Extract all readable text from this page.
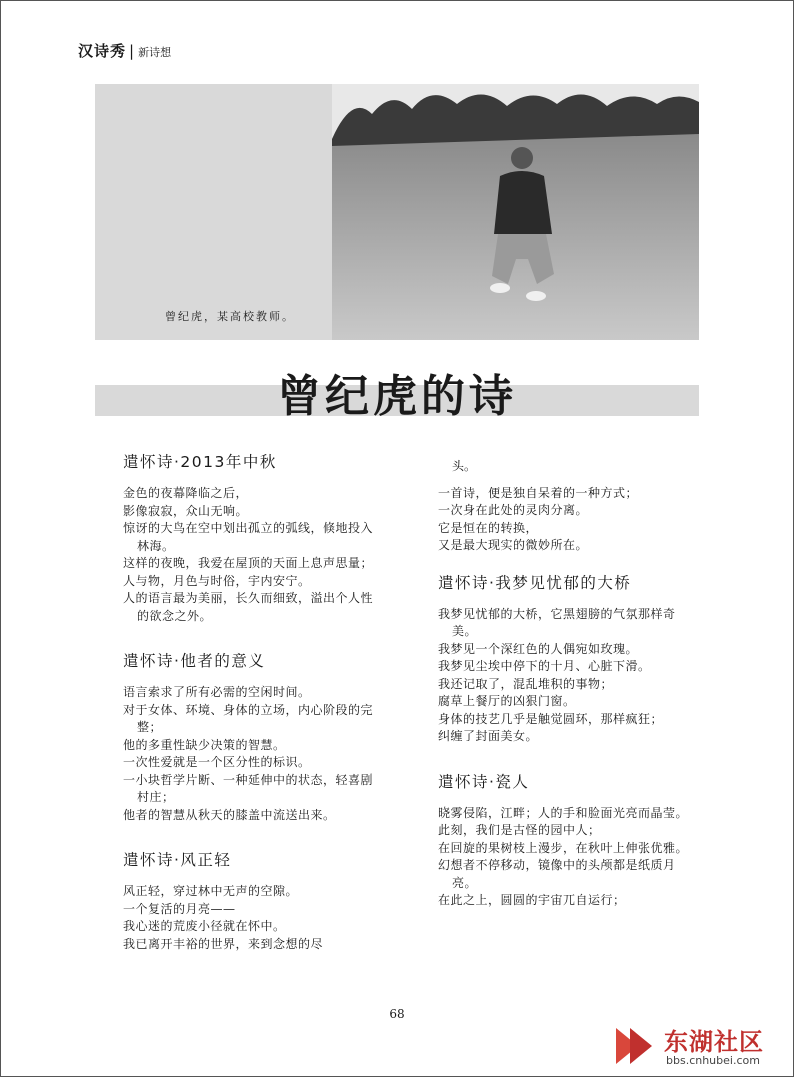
汉诗秀 | 新诗想
曾纪虎，某高校教师。
曾纪虎的诗
遣怀诗·2013年中秋
金色的夜幕降临之后，
影像寂寂，众山无响。
惊讶的大鸟在空中划出孤立的弧线，倏地投入林海。
这样的夜晚，我爱在屋顶的天面上息声思量；
人与物，月色与时俗，宇内安宁。
人的语言最为美丽，长久而细致，溢出个人性的欲念之外。
遣怀诗·他者的意义
语言索求了所有必需的空闲时间。
对于女体、环境、身体的立场，内心阶段的完整；
他的多重性缺少决策的智慧。
一次性爱就是一个区分性的标识。
一小块哲学片断、一种延伸中的状态，轻喜剧村庄；
他者的智慧从秋天的膝盖中流送出来。
遣怀诗·风正轻
风正轻，穿过林中无声的空隙。
一个复活的月亮——
我心迷的荒废小径就在怀中。
我已离开丰裕的世界，来到念想的尽
头。
一首诗，便是独自呆着的一种方式；
一次身在此处的灵肉分离。
它是恒在的转换，
又是最大现实的微妙所在。
遣怀诗·我梦见忧郁的大桥
我梦见忧郁的大桥，它黑翅膀的气氛那样奇美。
我梦见一个深红色的人偶宛如玫瑰。
我梦见尘埃中停下的十月、心脏下滑。
我还记取了，混乱堆积的事物；
腐草上餐厅的凶狠门窗。
身体的技艺几乎是触觉圆环，那样疯狂；
纠缠了封面美女。
遣怀诗·瓷人
晓雾侵陷，江畔；人的手和脸面光亮而晶莹。
此刻，我们是古怪的园中人；
在回旋的果树枝上漫步，在秋叶上伸张优雅。
幻想者不停移动，镜像中的头颅都是纸质月亮。
在此之上，圆圆的宇宙兀自运行；
68
东湖社区
bbs.cnhubei.com
